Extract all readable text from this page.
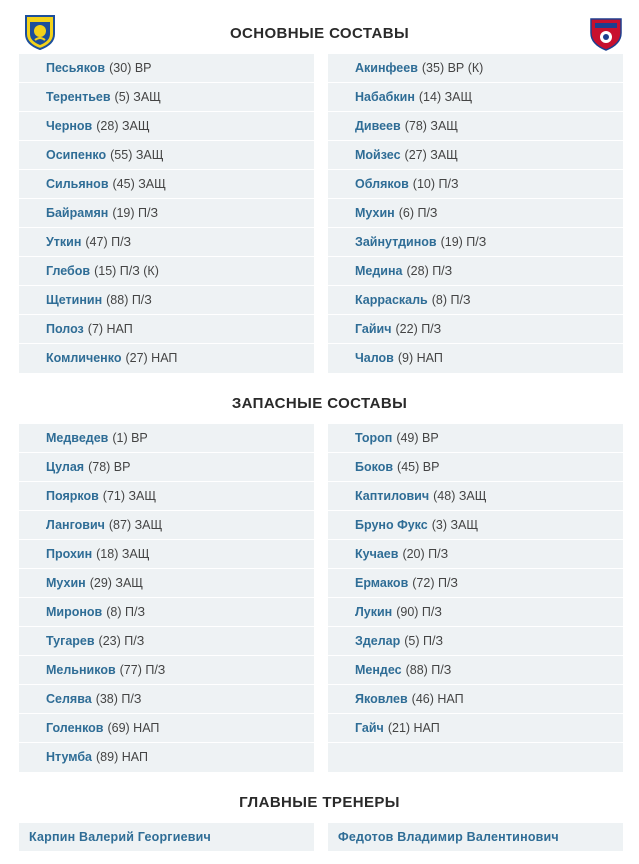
ОСНОВНЫЕ СОСТАВЫ
Песьяков (30) ВР
Терентьев (5) ЗАЩ
Чернов (28) ЗАЩ
Осипенко (55) ЗАЩ
Сильянов (45) ЗАЩ
Байрамян (19) П/З
Уткин (47) П/З
Глебов (15) П/З (К)
Щетинин (88) П/З
Полоз (7) НАП
Комличенко (27) НАП
Акинфеев (35) ВР (К)
Набабкин (14) ЗАЩ
Дивеев (78) ЗАЩ
Мойзес (27) ЗАЩ
Обляков (10) П/З
Мухин (6) П/З
Зайнутдинов (19) П/З
Медина (28) П/З
Карраскаль (8) П/З
Гайич (22) П/З
Чалов (9) НАП
ЗАПАСНЫЕ СОСТАВЫ
Медведев (1) ВР
Цулая (78) ВР
Поярков (71) ЗАЩ
Лангович (87) ЗАЩ
Прохин (18) ЗАЩ
Мухин (29) ЗАЩ
Миронов (8) П/З
Тугарев (23) П/З
Мельников (77) П/З
Селява (38) П/З
Голенков (69) НАП
Нтумба (89) НАП
Тороп (49) ВР
Боков (45) ВР
Каптилович (48) ЗАЩ
Бруно Фукс (3) ЗАЩ
Кучаев (20) П/З
Ермаков (72) П/З
Лукин (90) П/З
Зделар (5) П/З
Мендес (88) П/З
Яковлев (46) НАП
Гайч (21) НАП
ГЛАВНЫЕ ТРЕНЕРЫ
Карпин Валерий Георгиевич	Федотов Владимир Валентинович
